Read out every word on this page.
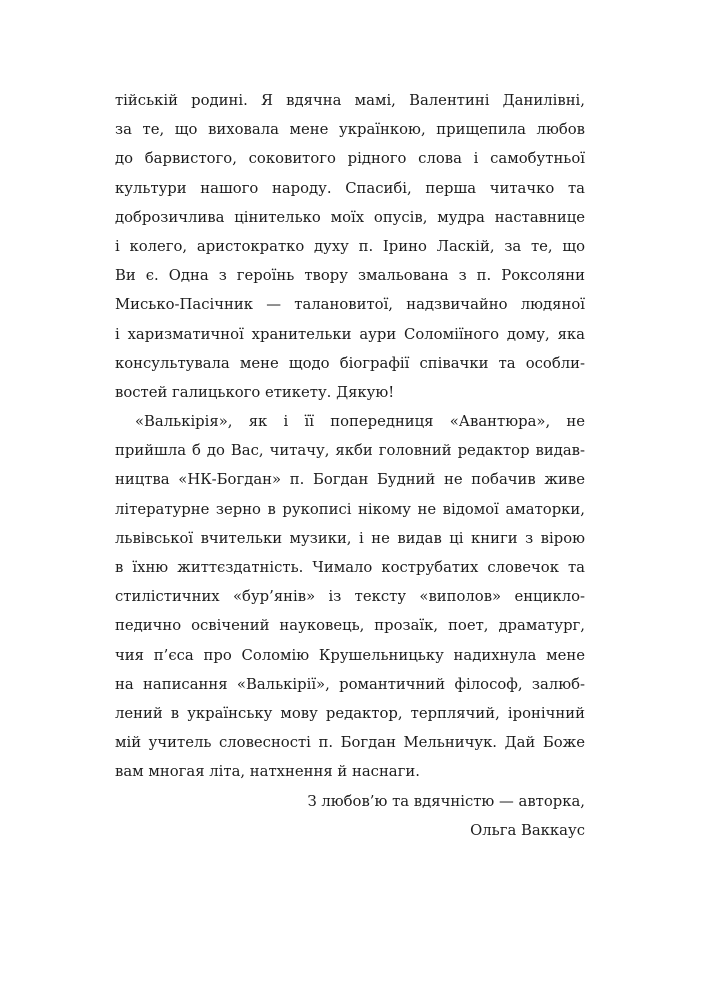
тійській родині. Я вдячна мамі, Валентині Данилівні,
за те, що виховала мене українкою, прищепила любов
до барвистого, соковитого рідного слова і самобутньої
культури нашого народу. Спасибі, перша читачко та
доброзичлива цінителько моїх опусів, мудра наставнице
і колего, аристократко духу п. Ірино Ласкій, за те, що
Ви є. Одна з героїнь твору змальована з п. Роксоляни
Мисько-Пасічник — талановитої, надзвичайно людяної
і харизматичної хранительки аури Соломіїного дому, яка
консультувала мене щодо біографії співачки та особли-
востей галицького етикету. Дякую!
«Валькірія», як і її попередниця «Авантюра», не
прийшла б до Вас, читачу, якби головний редактор видав-
ництва «НК-Богдан» п. Богдан Будний не побачив живе
літературне зерно в рукописі нікому не відомої аматорки,
львівської вчительки музики, і не видав ці книги з вірою
в їхню життєздатність. Чимало кострубатих словечок та
стилістичних «бур’янів» із тексту «виполов» енцикло-
педично освічений науковець, прозаїк, поет, драматург,
чия п’єса про Соломію Крушельницьку надихнула мене
на написання «Валькірії», романтичний філософ, залюб-
лений в українську мову редактор, терплячий, іронічний
мій учитель словесності п. Богдан Мельничук. Дай Боже
вам многая літа, натхнення й наснаги.
З любов’ю та вдячністю — авторка,
Ольга Ваккаус
